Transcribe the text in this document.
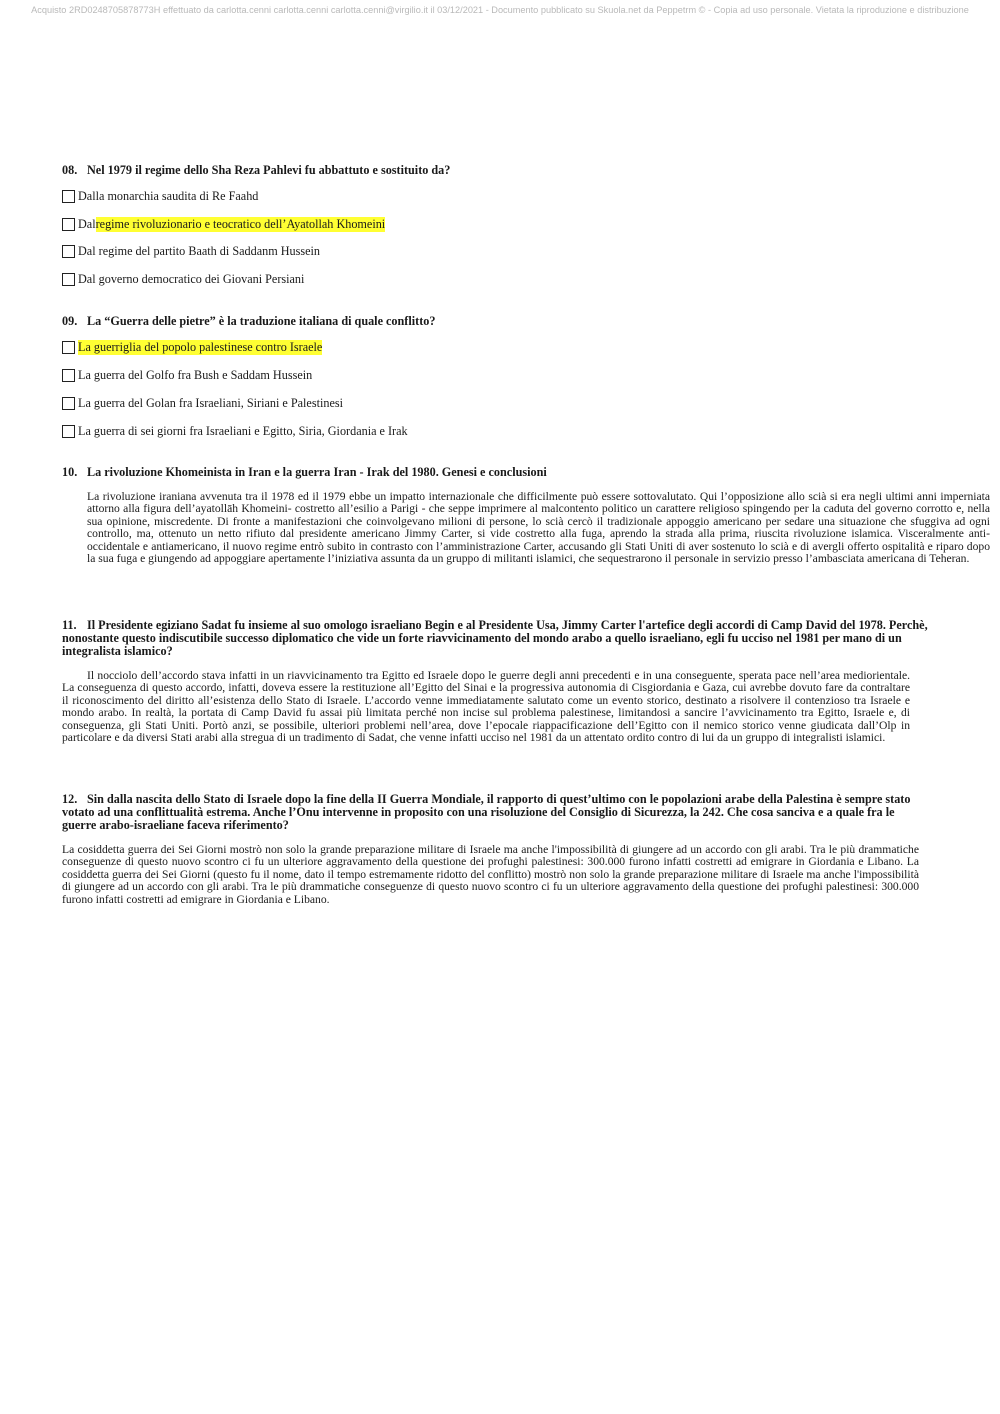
Acquisto 2RD0248705878773H effettuato da carlotta.cenni carlotta.cenni carlotta.cenni@virgilio.it il 03/12/2021 - Documento pubblicato su Skuola.net da Peppetrm © - Copia ad uso personale. Vietata la riproduzione e distribuzione
08. Nel 1979 il regime dello Sha Reza Pahlevi fu abbattuto e sostituito da?
Dalla monarchia saudita di Re Faahd
Dal regime rivoluzionario e teocratico dell’Ayatollah Khomeini
Dal regime del partito Baath di Saddanm Hussein
Dal governo democratico dei Giovani Persiani
09. La “Guerra delle pietre” è la traduzione italiana di quale conflitto?
La guerriglia del popolo palestinese contro Israele
La guerra del Golfo fra Bush e Saddam Hussein
La guerra del Golan fra Israeliani, Siriani e Palestinesi
La guerra di sei giorni fra Israeliani e Egitto, Siria, Giordania e Irak
10. La rivoluzione Khomeinista in Iran e la guerra Iran - Irak del 1980. Genesi e conclusioni
La rivoluzione iraniana avvenuta tra il 1978 ed il 1979 ebbe un impatto internazionale che difficilmente può essere sottovalutato. Qui l’opposizione allo scià si era negli ultimi anni imperniata attorno alla figura dell’ayatollāh Khomeini- costretto all’esilio a Parigi - che seppe imprimere al malcontento politico un carattere religioso spingendo per la caduta del governo corrotto e, nella sua opinione, miscredente. Di fronte a manifestazioni che coinvolgevano milioni di persone, lo scià cercò il tradizionale appoggio americano per sedare una situazione che sfuggiva ad ogni controllo, ma, ottenuto un netto rifiuto dal presidente americano Jimmy Carter, si vide costretto alla fuga, aprendo la strada alla prima, riuscita rivoluzione islamica. Visceralmente anti-occidentale e antiamericano, il nuovo regime entrò subito in contrasto con l’amministrazione Carter, accusando gli Stati Uniti di aver sostenuto lo scià e di avergli offerto ospitalità e riparo dopo la sua fuga e giungendo ad appoggiare apertamente l’iniziativa assunta da un gruppo di militanti islamici, che sequestrarono il personale in servizio presso l’ambasciata americana di Teheran.
11. Il Presidente egiziano Sadat fu insieme al suo omologo israeliano Begin e al Presidente Usa, Jimmy Carter l'artefice degli accordi di Camp David del 1978. Perchè, nonostante questo indiscutibile successo diplomatico che vide un forte riavvicinamento del mondo arabo a quello israeliano, egli fu ucciso nel 1981 per mano di un integralista islamico?
Il nocciolo dell’accordo stava infatti in un riavvicinamento tra Egitto ed Israele dopo le guerre degli anni precedenti e in una conseguente, sperata pace nell’area mediorientale. La conseguenza di questo accordo, infatti, doveva essere la restituzione all’Egitto del Sinai e la progressiva autonomia di Cisgiordania e Gaza, cui avrebbe dovuto fare da contraltare il riconoscimento del diritto all’esistenza dello Stato di Israele. L’accordo venne immediatamente salutato come un evento storico, destinato a risolvere il contenzioso tra Israele e mondo arabo. In realtà, la portata di Camp David fu assai più limitata perché non incise sul problema palestinese, limitandosi a sancire l’avvicinamento tra Egitto, Israele e, di conseguenza, gli Stati Uniti. Portò anzi, se possibile, ulteriori problemi nell’area, dove l’epocale riappacificazione dell’Egitto con il nemico storico venne giudicata dall’Olp in particolare e da diversi Stati arabi alla stregua di un tradimento di Sadat, che venne infatti ucciso nel 1981 da un attentato ordito contro di lui da un gruppo di integralisti islamici.
12. Sin dalla nascita dello Stato di Israele dopo la fine della II Guerra Mondiale, il rapporto di quest’ultimo con le popolazioni arabe della Palestina è sempre stato votato ad una conflittualità estrema. Anche l’Onu intervenne in proposito con una risoluzione del Consiglio di Sicurezza, la 242. Che cosa sanciva e a quale fra le guerre arabo-israeliane faceva riferimento?
La cosiddetta guerra dei Sei Giorni mostrò non solo la grande preparazione militare di Israele ma anche l'impossibilità di giungere ad un accordo con gli arabi. Tra le più drammatiche conseguenze di questo nuovo scontro ci fu un ulteriore aggravamento della questione dei profughi palestinesi: 300.000 furono infatti costretti ad emigrare in Giordania e Libano. La cosiddetta guerra dei Sei Giorni (questo fu il nome, dato il tempo estremamente ridotto del conflitto) mostrò non solo la grande preparazione militare di Israele ma anche l'impossibilità di giungere ad un accordo con gli arabi. Tra le più drammatiche conseguenze di questo nuovo scontro ci fu un ulteriore aggravamento della questione dei profughi palestinesi: 300.000 furono infatti costretti ad emigrare in Giordania e Libano.
